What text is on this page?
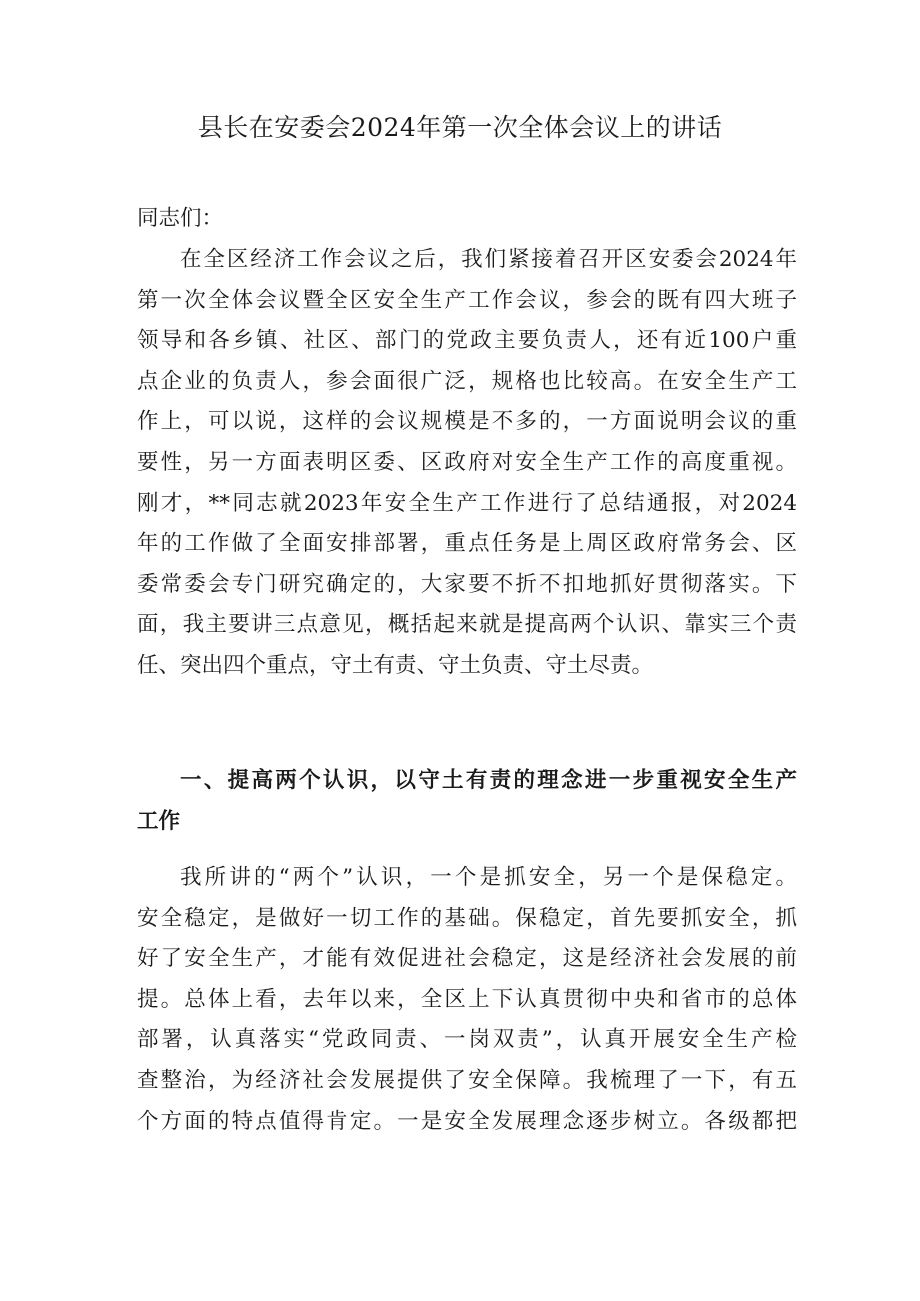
县长在安委会2024年第一次全体会议上的讲话
同志们：
在全区经济工作会议之后，我们紧接着召开区安委会2024年
第一次全体会议暨全区安全生产工作会议，参会的既有四大班子
领导和各乡镇、社区、部门的党政主要负责人，还有近100户重
点企业的负责人，参会面很广泛，规格也比较高。在安全生产工
作上，可以说，这样的会议规模是不多的，一方面说明会议的重
要性，另一方面表明区委、区政府对安全生产工作的高度重视。
刚才，**同志就2023年安全生产工作进行了总结通报，对2024
年的工作做了全面安排部署，重点任务是上周区政府常务会、区
委常委会专门研究确定的，大家要不折不扣地抓好贯彻落实。下
面，我主要讲三点意见，概括起来就是提高两个认识、靠实三个责
任、突出四个重点，守土有责、守土负责、守土尽责。
一、提高两个认识，以守土有责的理念进一步重视安全生产
工作
我所讲的“两个”认识，一个是抓安全，另一个是保稳定。
安全稳定，是做好一切工作的基础。保稳定，首先要抓安全，抓
好了安全生产，才能有效促进社会稳定，这是经济社会发展的前
提。总体上看，去年以来，全区上下认真贯彻中央和省市的总体
部署，认真落实“党政同责、一岗双责”，认真开展安全生产检
查整治，为经济社会发展提供了安全保障。我梳理了一下，有五
个方面的特点值得肯定。一是安全发展理念逐步树立。各级都把
